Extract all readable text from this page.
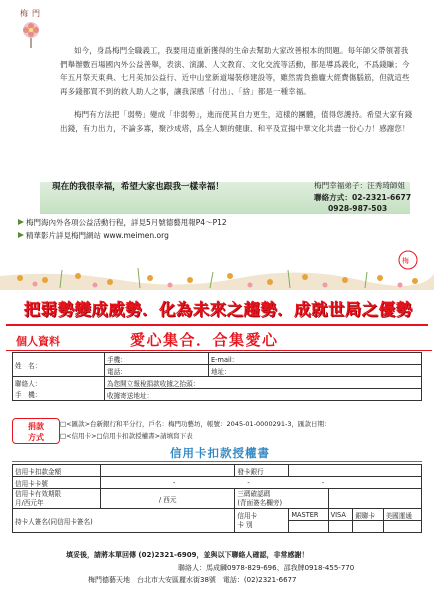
梅 門

如今，身爲梅門全職義工，我要用這重新獲得的生命去幫助大家改善根本的問題。每年師父帶領著我們舉辦數百場國內外公益善舉，表演、演講、人文教育、文化交流等活動，都是導爲義化，不爲錢賺；今年五月祭天東典、七月美加公益行、近中山堂新道場裝修建設等，雖然需負擔龐大經費傷腦筋，但就這些再多錢都買不到的救人助人之事，讓我深感「付出」、「捨」都是一種幸福。

梅門有方法把「弱勢」變成「非弱勢」，進而使其自力更生，這樣的團體，值得您護持。希望大家有錢出錢，有力出力，不論多寡，聚沙成塔，爲全人類的健康、和平及宣揚中華文化共盡一份心力！感謝您！

現在的我很幸福，希望大家也跟我一樣幸福！	梅門幸福弟子：汪秀琦師姐
聯絡方式：02-2321-6677
0928-987-503
梅門海內外各項公益活動行程，詳見5月號德藝甩報P4～P12
精華影片詳見梅門網站 www.meimen.org
梅
把弱勢變成威勢．化為未來之趨勢．成就世局之優勢
個人資料	愛心集合．合集愛心
姓　名：	手機：	E-mail：
	電話：	地址：
聯絡人：	為您開立報稅捐款收據之抬頭：	
手　機：	收據寄送地址：	
捐款
方式
□<匯款>台新銀行和平分行，戶名：梅門功藝坊，帳號：2045-01-0000291-3，匯款日期：
□<信用卡>□信用卡扣款授權書>請填寫下表
信用卡扣款授權書
信用卡扣款金額		發卡銀行				
信用卡卡號	- - -					
信用卡有效期限
月/西元年	/ 西元	三碼確認碼
(背面簽名欄旁)				
持卡人簽名(同信用卡簽名)		信用卡
卡 別	MASTER	VISA	銀聯卡	美國運通

填妥後，請將本單回傳 (02)2321-6909，並與以下聯絡人確認，非常感謝！
聯絡人：馬成麟0978-829-696、邵我牌0918-455-770
梅門德藝天地　台北市大安區麗水街38號　電話：(02)2321-6677
